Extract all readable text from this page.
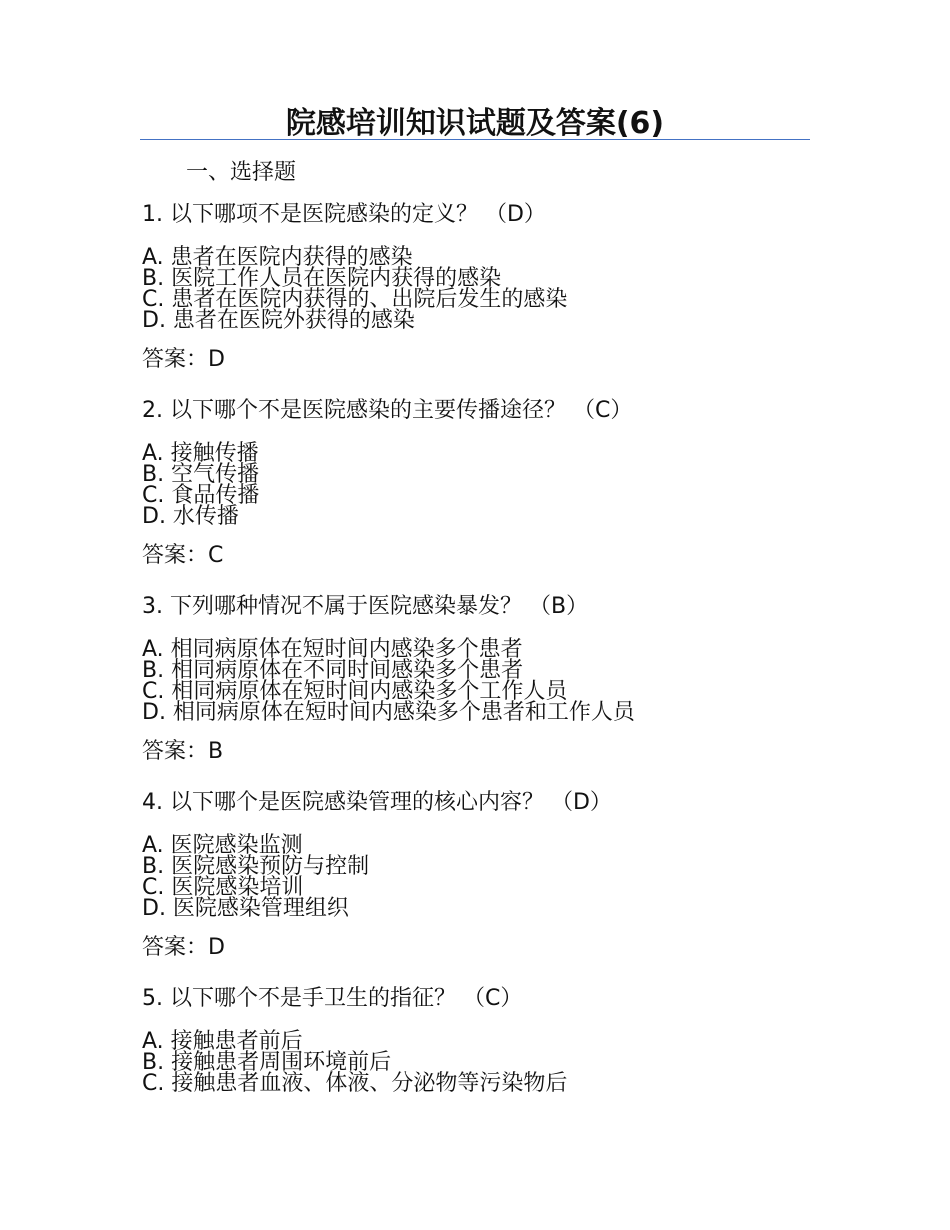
院感培训知识试题及答案(6)
一、选择题
1. 以下哪项不是医院感染的定义？ （D）
A. 患者在医院内获得的感染
B. 医院工作人员在医院内获得的感染
C. 患者在医院内获得的、出院后发生的感染
D. 患者在医院外获得的感染
答案：D
2. 以下哪个不是医院感染的主要传播途径？ （C）
A. 接触传播
B. 空气传播
C. 食品传播
D. 水传播
答案：C
3. 下列哪种情况不属于医院感染暴发？ （B）
A. 相同病原体在短时间内感染多个患者
B. 相同病原体在不同时间感染多个患者
C. 相同病原体在短时间内感染多个工作人员
D. 相同病原体在短时间内感染多个患者和工作人员
答案：B
4. 以下哪个是医院感染管理的核心内容？ （D）
A. 医院感染监测
B. 医院感染预防与控制
C. 医院感染培训
D. 医院感染管理组织
答案：D
5. 以下哪个不是手卫生的指征？ （C）
A. 接触患者前后
B. 接触患者周围环境前后
C. 接触患者血液、体液、分泌物等污染物后
